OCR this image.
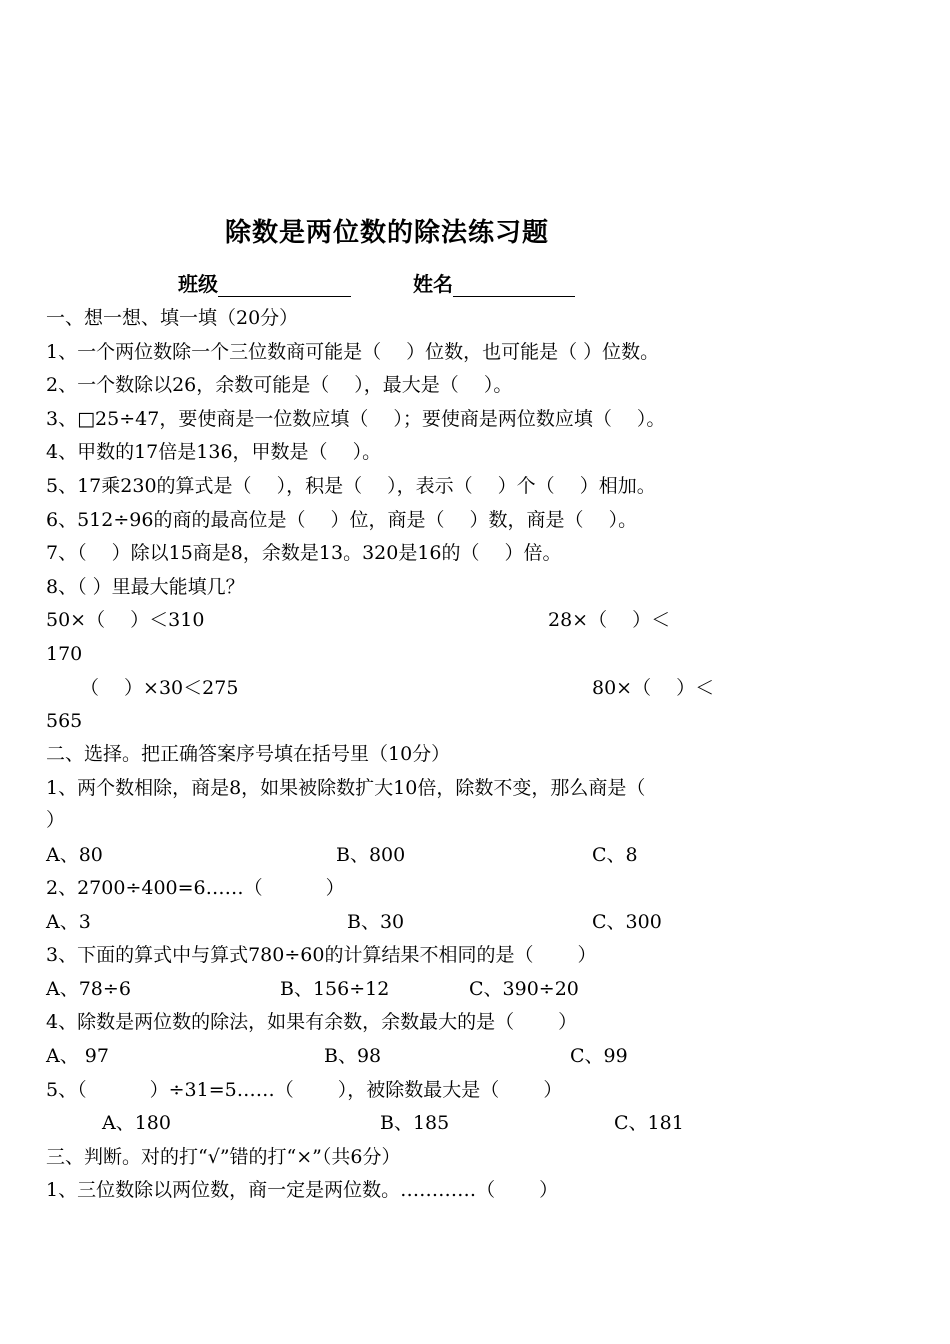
除数是两位数的除法练习题
班级	姓名
一、想一想、填一填（20分）
1、一个两位数除一个三位数商可能是（　 ）位数，也可能是（ ）位数。
2、一个数除以26，余数可能是（　 ），最大是（　 ）。
3、□25÷47，要使商是一位数应填（　 ）；要使商是两位数应填（　 ）。
4、甲数的17倍是136，甲数是（　 ）。
5、17乘230的算式是（　 ），积是（　 ），表示（　 ）个（　 ）相加。
6、512÷96的商的最高位是（　 ）位，商是（　 ）数，商是（　 ）。
7、（　 ）除以15商是8，余数是13。320是16的（　 ）倍。
8、（ ）里最大能填几？
50×（　 ）＜310	28×（　 ）＜
170
（　 ）×30＜275	80×（　 ）＜
565
二、选择。把正确答案序号填在括号里（10分）
1、两个数相除，商是8，如果被除数扩大10倍，除数不变，那么商是（
）
A、80	B、800	C、8
2、2700÷400=6……（　　　 ）
A、3	B、30	C、300
3、下面的算式中与算式780÷60的计算结果不相同的是（　　 ）
A、78÷6	B、156÷12	C、390÷20
4、除数是两位数的除法，如果有余数，余数最大的是（　　 ）
A、 97	B、98	C、99
5、（　　　 ）÷31=5……（　　 ），被除数最大是（　　 ）
A、180	B、185	C、181
三、判断。对的打“√”错的打“×”（共6分）
1、三位数除以两位数，商一定是两位数。…………（　　 ）
